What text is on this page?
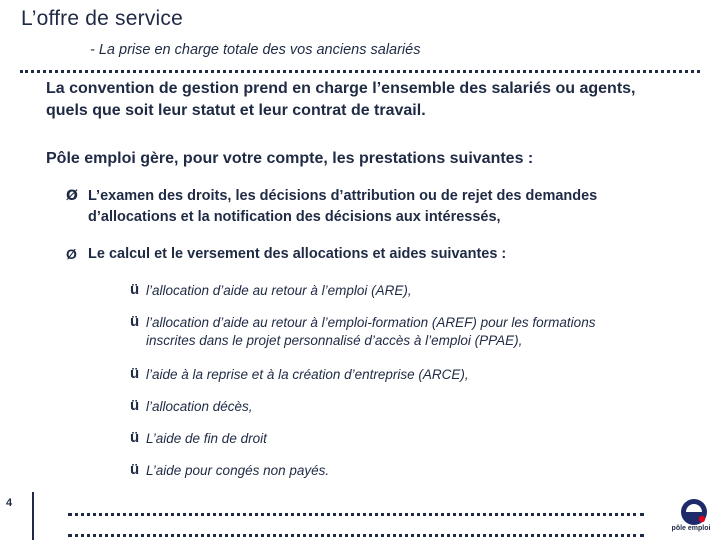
L’offre de service
- La prise en charge totale des vos anciens salariés
La convention de gestion prend en charge l’ensemble des salariés ou agents,
quels que soit leur statut et leur contrat de travail.
Pôle emploi gère, pour votre compte, les prestations suivantes :
Ø L’examen des droits, les décisions d’attribution ou de rejet des demandes
d’allocations et la notification des décisions aux intéressés,
Ø Le calcul et le versement des allocations et aides suivantes :
ü l’allocation d’aide au retour à l’emploi (ARE),
ü l’allocation d’aide au retour à l’emploi-formation (AREF) pour les formations
inscrites dans le projet personnalisé d’accès à l’emploi (PPAE),
ü l’aide à la reprise et à la création d’entreprise (ARCE),
ü l’allocation décès,
ü L’aide de fin de droit
ü L’aide pour congés non payés.
4
pôle emploi
